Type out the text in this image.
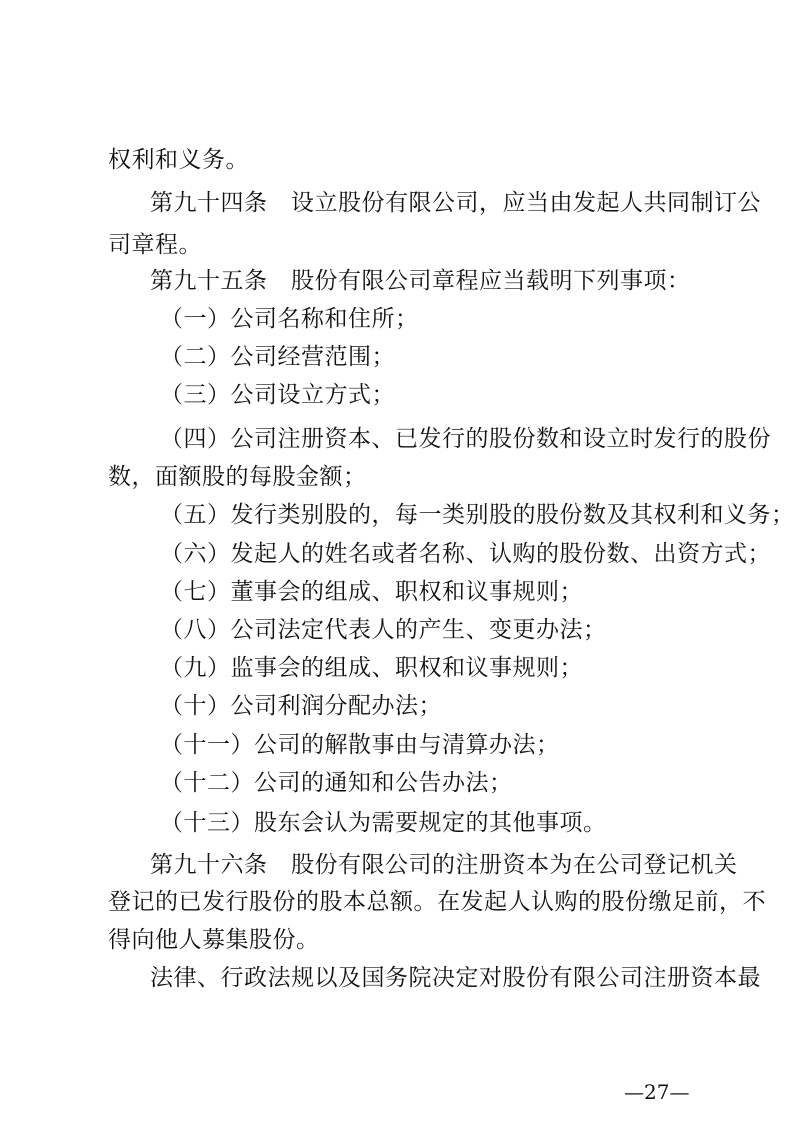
权利和义务。
第九十四条　设立股份有限公司，应当由发起人共同制订公
司章程。
第九十五条　股份有限公司章程应当载明下列事项：
（一）公司名称和住所；
（二）公司经营范围；
（三）公司设立方式；
（四）公司注册资本、已发行的股份数和设立时发行的股份
数，面额股的每股金额；
（五）发行类别股的，每一类别股的股份数及其权利和义务；
（六）发起人的姓名或者名称、认购的股份数、出资方式；
（七）董事会的组成、职权和议事规则；
（八）公司法定代表人的产生、变更办法；
（九）监事会的组成、职权和议事规则；
（十）公司利润分配办法；
（十一）公司的解散事由与清算办法；
（十二）公司的通知和公告办法；
（十三）股东会认为需要规定的其他事项。
第九十六条　股份有限公司的注册资本为在公司登记机关
登记的已发行股份的股本总额。在发起人认购的股份缴足前，不
得向他人募集股份。
法律、行政法规以及国务院决定对股份有限公司注册资本最
—27—
